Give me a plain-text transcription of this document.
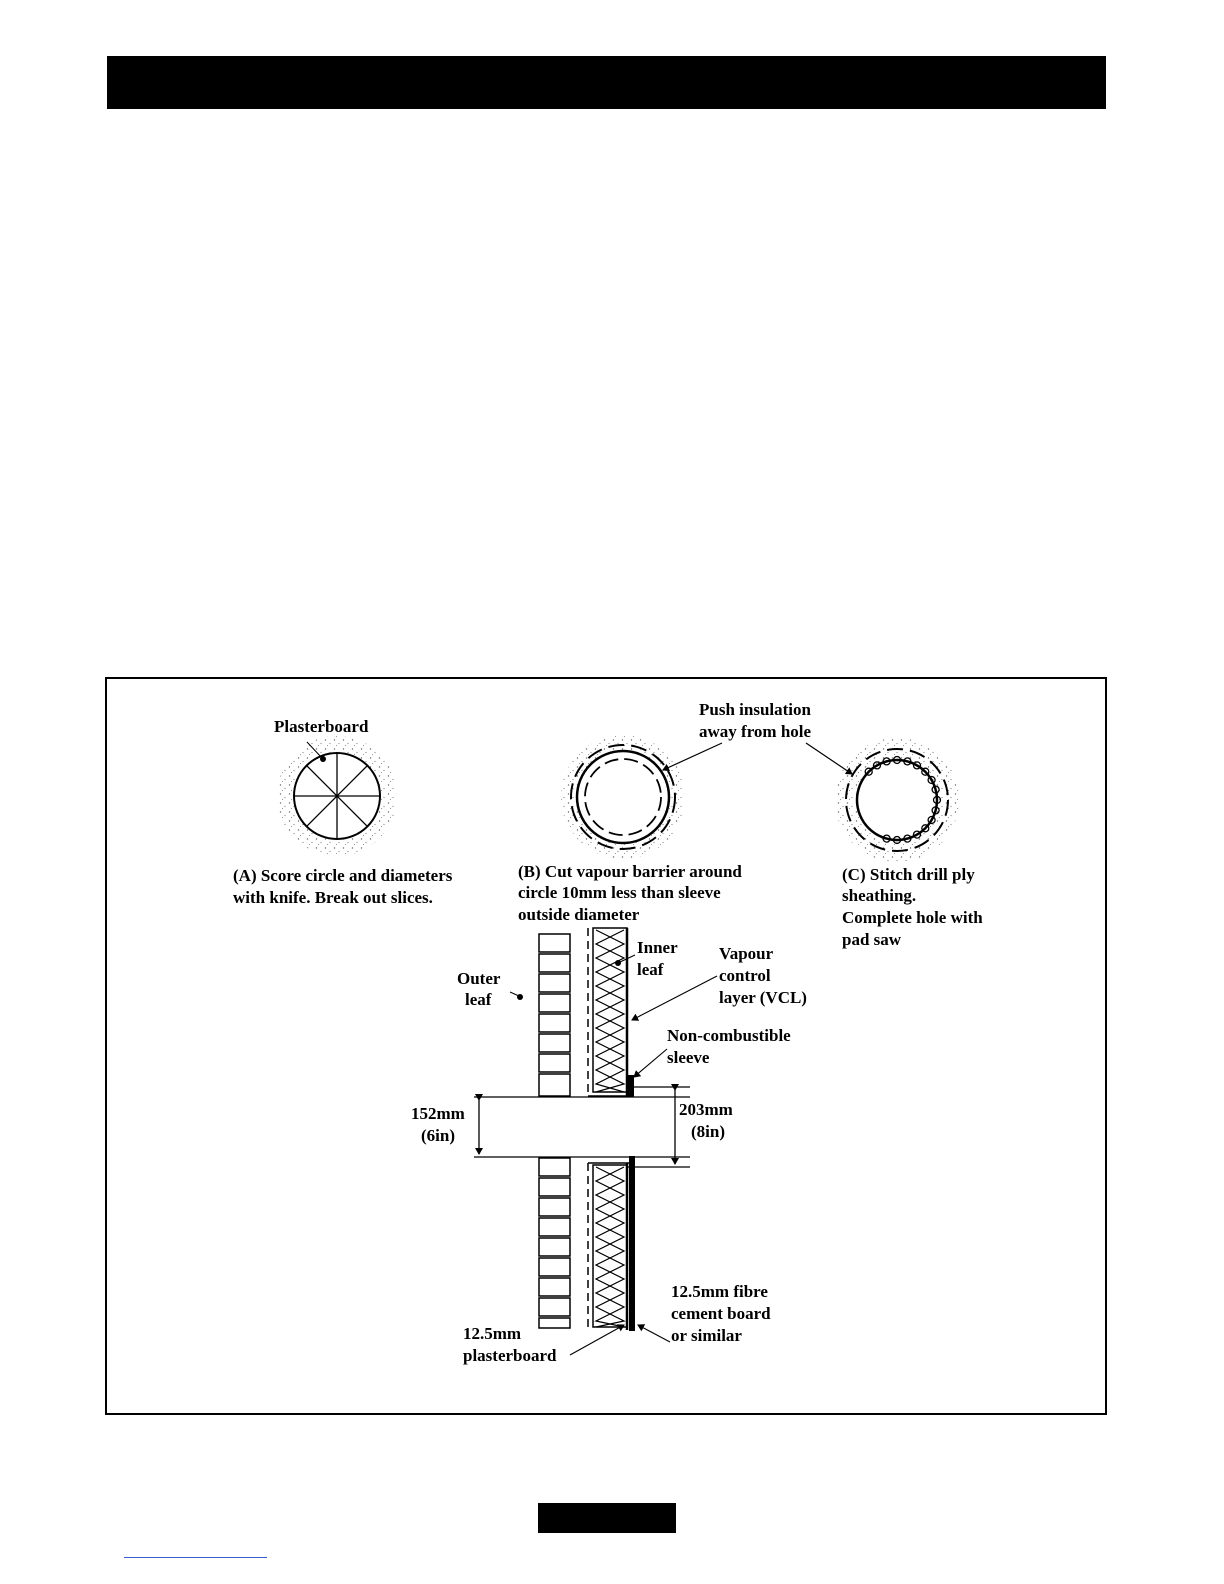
Plasterboard
(A) Score circle and diameters
with knife. Break out slices.
(B) Cut vapour barrier around
circle 10mm less than sleeve
outside diameter
(C) Stitch drill ply
sheathing.
Complete hole with
pad saw
Push insulation
away from hole
Inner
leaf
Outer
leaf
Vapour
control
layer (VCL)
Non-combustible
sleeve
152mm
(6in)
203mm
(8in)
12.5mm fibre
cement board
or similar
12.5mm
plasterboard
